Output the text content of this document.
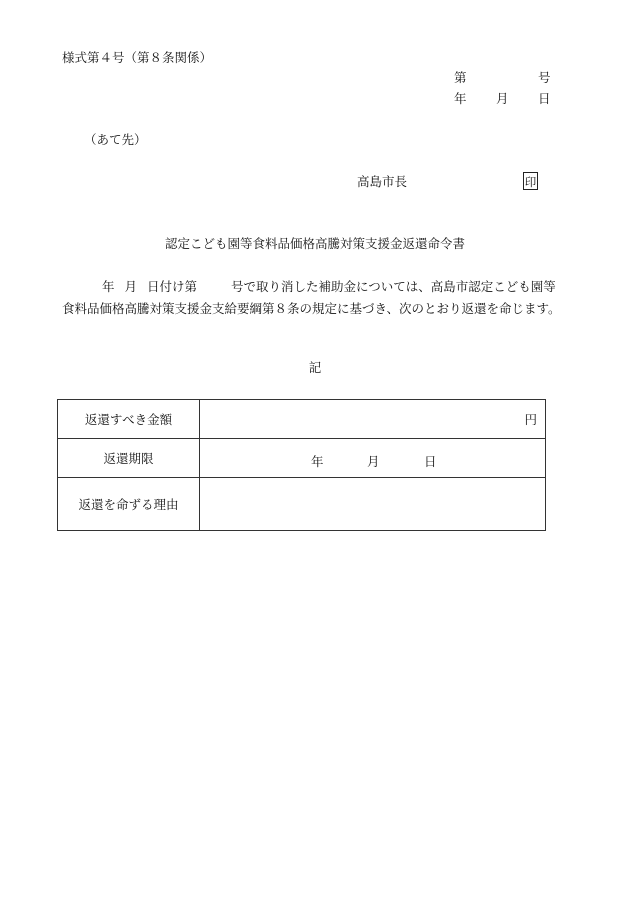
様式第４号（第８条関係）
第	号
年 月 日
（あて先）
高島市長	印
認定こども園等食料品価格高騰対策支援金返還命令書
年 月 日付け第	号で取り消した補助金については、高島市認定こども園等食料品価格高騰対策支援金支給要綱第８条の規定に基づき、次のとおり返還を命じます。
記
返還すべき金額	円
返還期限	年 月 日

返還を命ずる理由	
